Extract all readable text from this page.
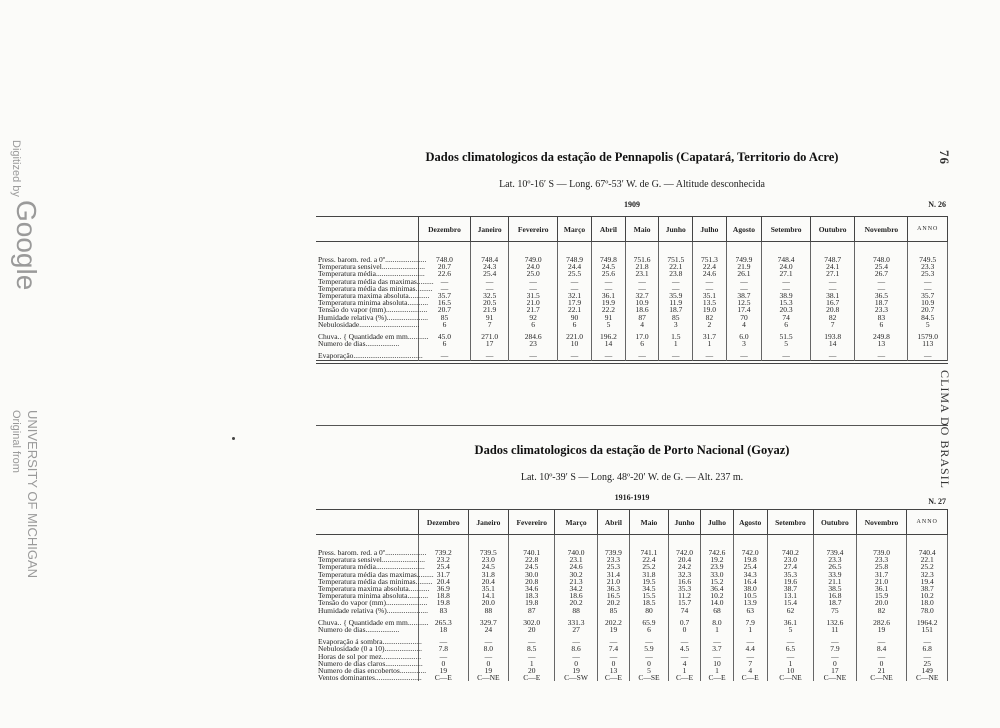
Digitized by
Google
Original from UNIVERSITY OF MICHIGAN
76
CLIMA DO BRASIL

Dados climatologicos da estação de Pennapolis (Capatará, Territorio do Acre)

Lat. 10º-16′ S — Long. 67º-53′ W. de G. — Altitude desconhecida

1909	N. 26
	Dezembro	Janeiro	Fevereiro	Março	Abril	Maio	Junho	Julho	Agosto	Setembro	Outubro	Novembro	ANNO

Press. barom. red. a 0º......................	748.0	748.4	749.0	748.9	749.8	751.6	751.5	751.3	749.9	748.4	748.7	748.0	749.5
Temperatura sensivel.......................	20.7	24.3	24.0	24.4	24.5	21.8	22.1	22.4	21.9	24.0	24.1	25.4	23.3
Temperatura média..........................	22.6	25.4	25.0	25.5	25.6	23.1	23.8	24.6	26.1	27.1	27.1	26.7	25.3
Temperatura média das maximas.........	—	—	—	—	—	—	—	—	—	—	—	—	—
Temperatura média das minimas.........	—	—	—	—	—	—	—	—	—	—	—	—	—
Temperatura maxima absoluta...........	35.7	32.5	31.5	32.1	36.1	32.7	35.9	35.1	38.7	38.9	38.1	36.5	35.7
Temperatura minima absoluta...........	16.5	20.5	21.0	17.9	19.9	10.9	11.9	13.5	12.5	15.3	16.7	18.7	10.9
Tensão do vapor (mm)......................	20.7	21.9	21.7	22.1	22.2	18.6	18.7	19.0	17.4	20.3	20.8	23.3	20.7
Humidade relativa (%)......................	85	91	92	90	91	87	85	82	70	74	82	83	84.5
Nebulosidade................................	6	7	6	6	5	4	3	2	4	6	7	6	5

Chuva.. { Quantidade em mm...........	45.0	271.0	284.6	221.0	196.2	17.0	1.5	31.7	6.0	51.5	193.8	249.8	1579.0
Numero de dias..................	6	17	23	10	14	6	1	1	3	5	14	13	113

Evaporação.....................................	—	—	—	—	—	—	—	—	—	—	—	—	—

Dados climatologicos da estação de Porto Nacional (Goyaz)

Lat. 10º-39′ S — Long. 48º-20′ W. de G. — Alt. 237 m.

1916-1919	N. 27
	Dezembro	Janeiro	Fevereiro	Março	Abril	Maio	Junho	Julho	Agosto	Setembro	Outubro	Novembro	ANNO

Press. barom. red. a 0º......................	739.2	739.5	740.1	740.0	739.9	741.1	742.0	742.6	742.0	740.2	739.4	739.0	740.4
Temperatura sensivel.......................	23.2	23.0	22.8	23.1	23.3	22.4	20.4	19.2	19.8	23.0	23.3	23.3	22.1
Temperatura média..........................	25.4	24.5	24.5	24.6	25.3	25.2	24.2	23.9	25.4	27.4	26.5	25.8	25.2
Temperatura média das maximas.........	31.7	31.8	30.0	30.2	31.4	31.8	32.3	33.0	34.3	35.3	33.9	31.7	32.3
Temperatura média das minimas.........	20.4	20.4	20.8	21.3	21.0	19.5	16.6	15.2	16.4	19.6	21.1	21.0	19.4
Temperatura maxima absoluta...........	36.9	35.1	34.6	34.2	36.3	34.5	35.3	36.4	38.0	38.7	38.5	36.1	38.7
Temperatura minima absoluta...........	18.8	14.1	18.3	18.6	16.5	15.5	11.2	10.2	10.5	13.1	16.8	15.9	10.2
Tensão do vapor (mm)......................	19.8	20.0	19.8	20.2	20.2	18.5	15.7	14.0	13.9	15.4	18.7	20.0	18.0
Humidade relativa (%)......................	83	88	87	88	85	80	74	68	63	62	75	82	78.0

Chuva.. { Quantidade em mm...........	265.3	329.7	302.0	331.3	202.2	65.9	0.7	8.0	7.9	36.1	132.6	282.6	1964.2
Numero de dias..................	18	24	20	27	19	6	0	1	1	5	11	19	151

Evaporação á sombra.....................	—	—	—	—	—	—	—	—	—	—	—	—	—
Nebulosidade (0 a 10)....................	7.8	8.0	8.5	8.6	7.4	5.9	4.5	3.7	4.4	6.5	7.9	8.4	6.8
Horas de sol por mez.....................	—	—	—	—	—	—	—	—	—	—	—	—	—
Numero de dias claros....................	0	0	1	0	0	0	4	10	7	1	0	0	25
Numero de dias encobertos..............	19	19	20	19	13	5	1	1	4	10	17	21	149
Ventos dominantes.........................	C—E	C—NE	C—E	C—SW	C—E	C—SE	C—E	C—E	C—E	C—NE	C—NE	C—NE	C—NE
